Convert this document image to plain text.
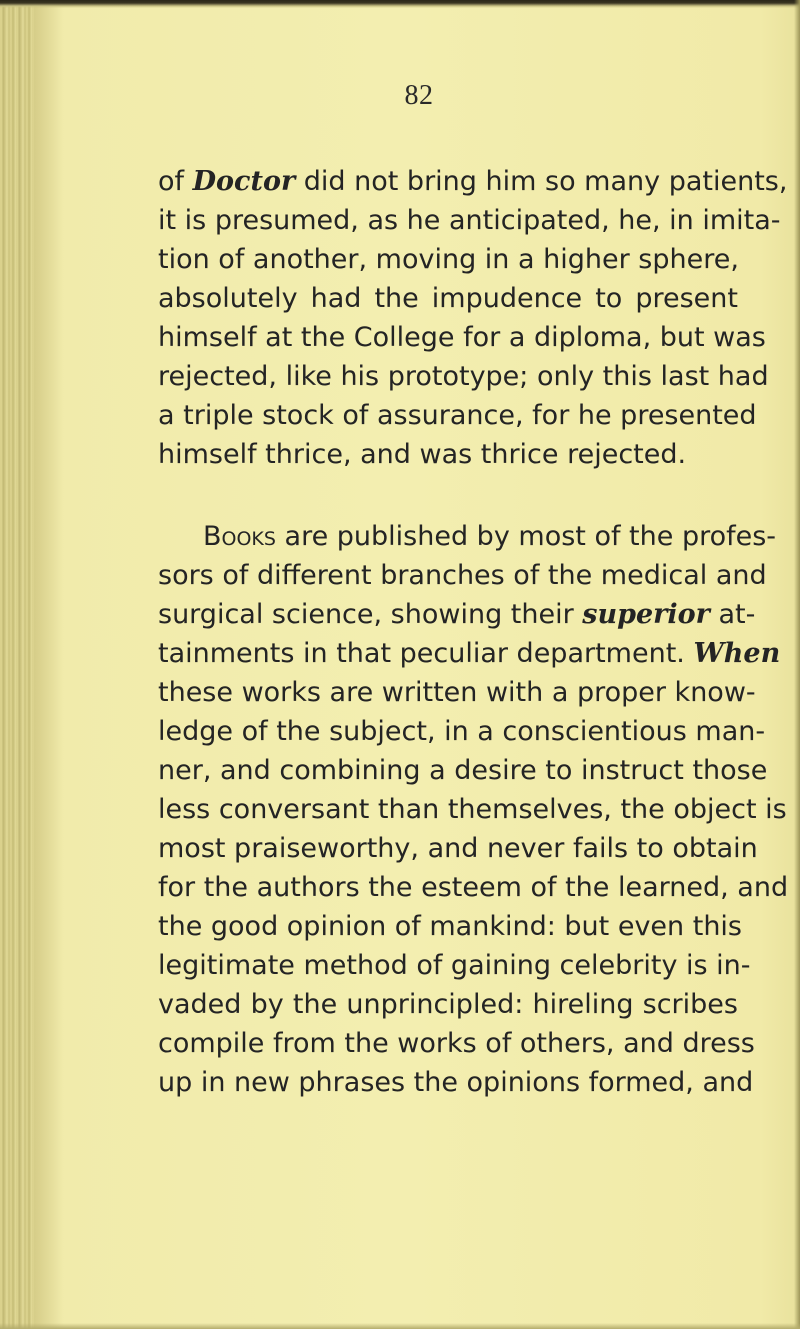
82
of Doctor did not bring him so many patients,
it is presumed, as he anticipated, he, in imita-
tion of another, moving in a higher sphere,
absolutely had the impudence to present
himself at the College for a diploma, but was
rejected, like his prototype; only this last had
a triple stock of assurance, for he presented
himself thrice, and was thrice rejected.
Books are published by most of the profes-
sors of different branches of the medical and
surgical science, showing their superior at-
tainments in that peculiar department. When
these works are written with a proper know-
ledge of the subject, in a conscientious man-
ner, and combining a desire to instruct those
less conversant than themselves, the object is
most praiseworthy, and never fails to obtain
for the authors the esteem of the learned, and
the good opinion of mankind: but even this
legitimate method of gaining celebrity is in-
vaded by the unprincipled: hireling scribes
compile from the works of others, and dress
up in new phrases the opinions formed, and
